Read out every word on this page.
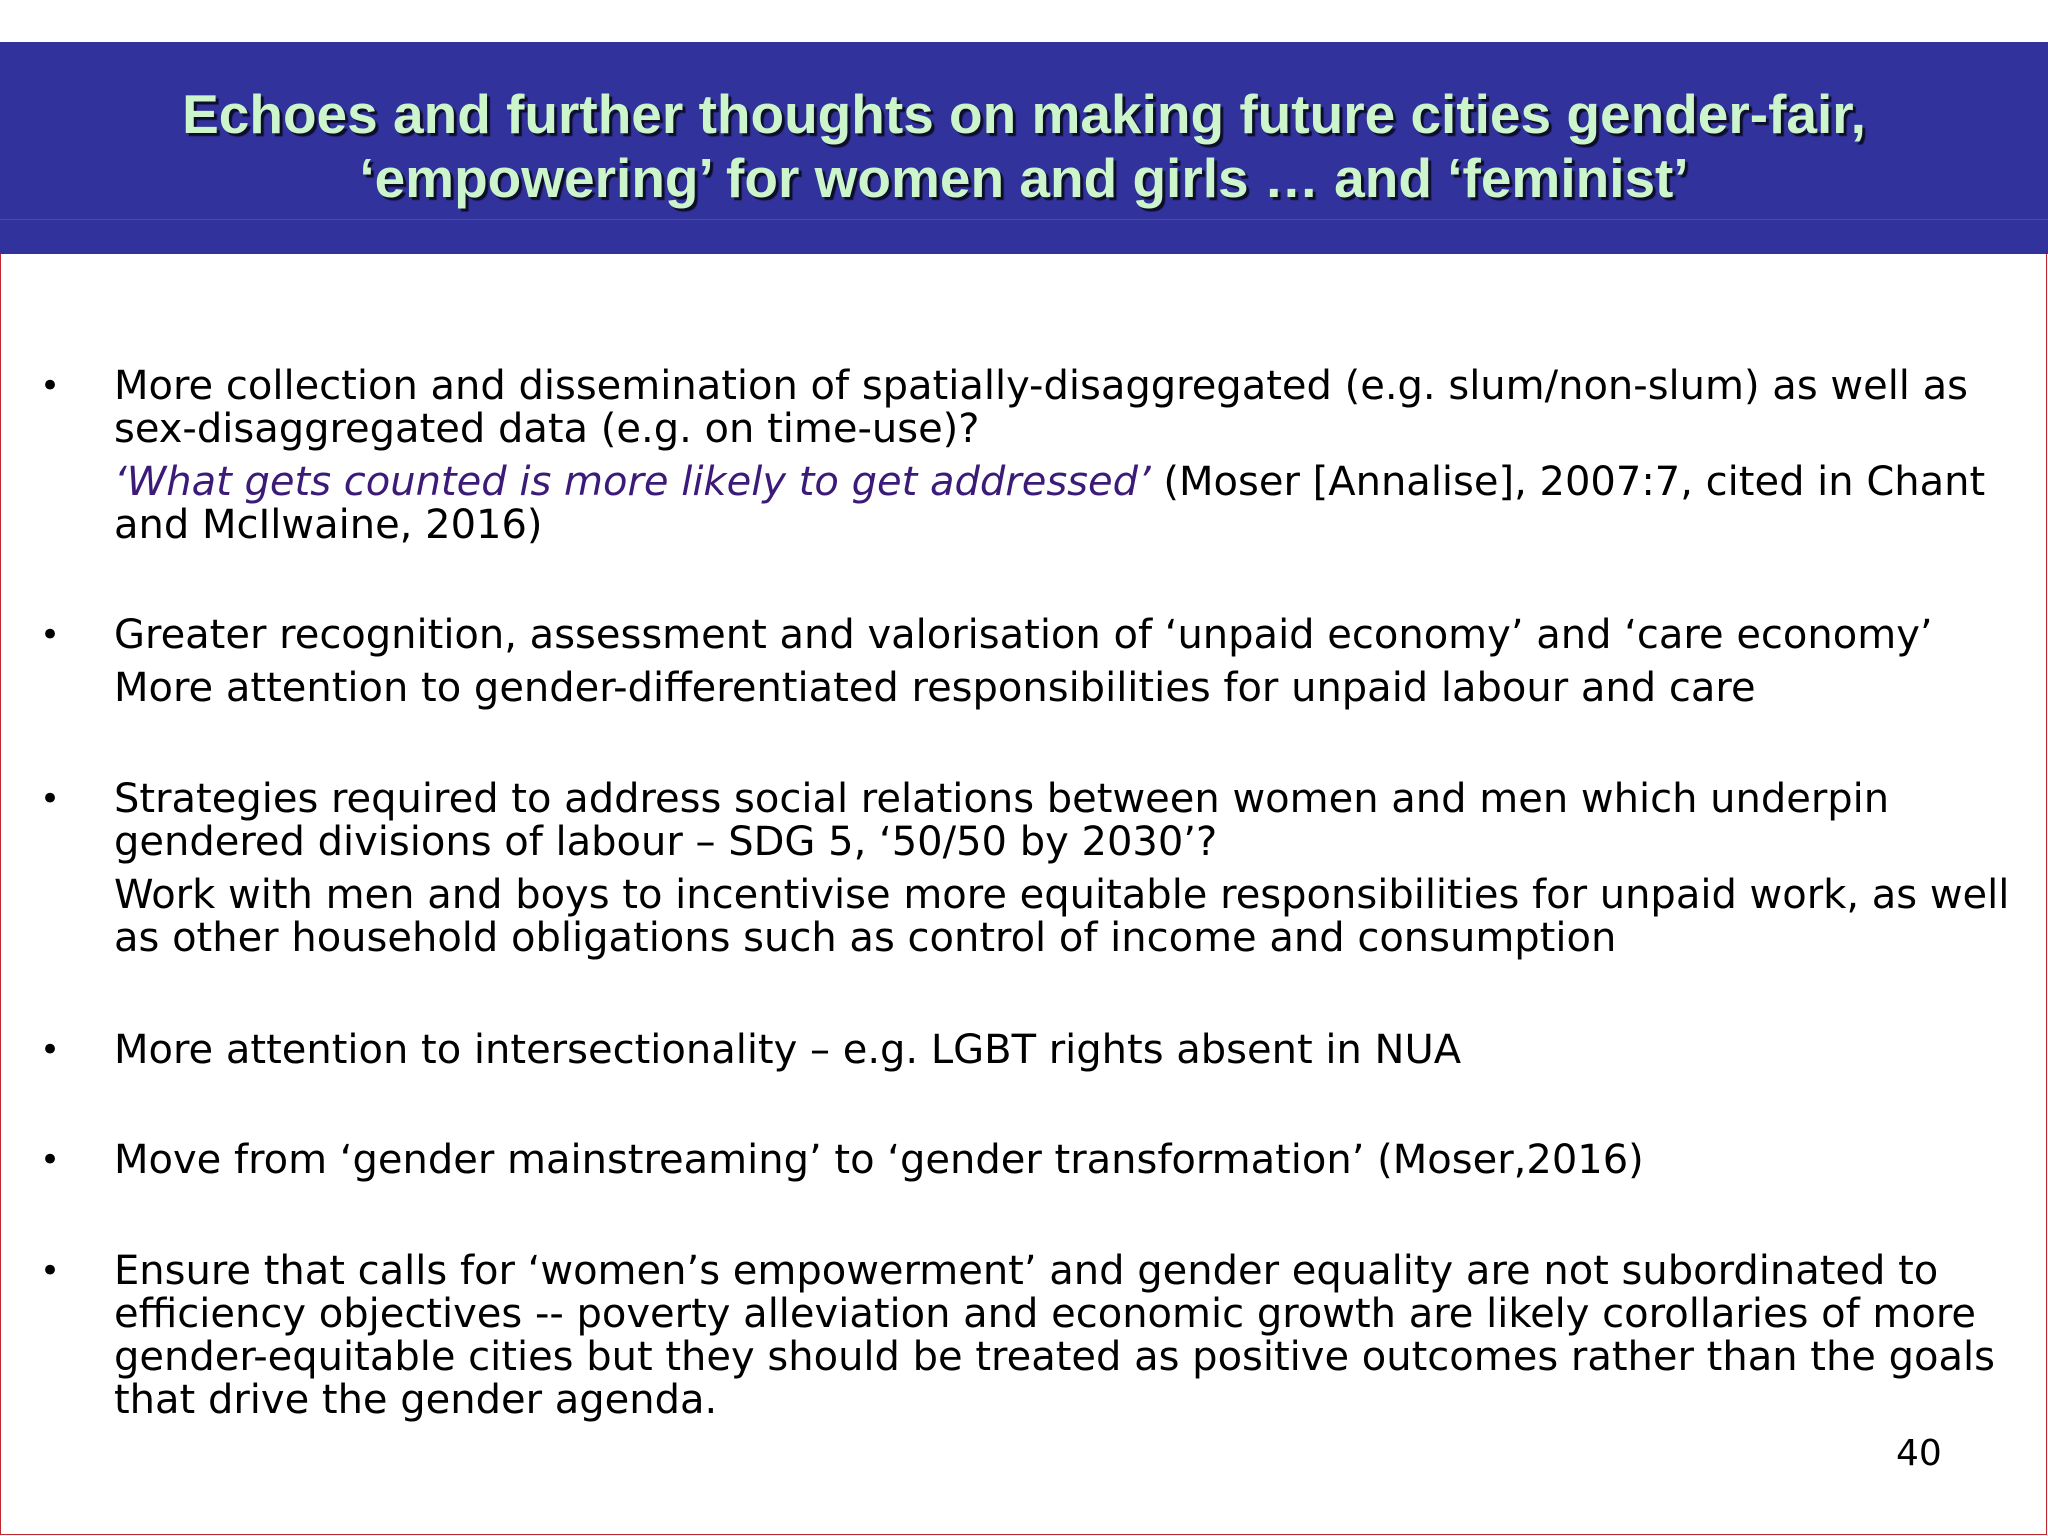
Echoes and further thoughts on making future cities gender-fair,
‘empowering’ for women and girls … and ‘feminist’
• More collection and dissemination of spatially-disaggregated (e.g. slum/non-slum) as well as sex-disaggregated data (e.g. on time-use)?

‘What gets counted is more likely to get addressed’ (Moser [Annalise], 2007:7, cited in Chant and McIlwaine, 2016)

• Greater recognition, assessment and valorisation of ‘unpaid economy’ and ‘care economy’

More attention to gender-differentiated responsibilities for unpaid labour and care

• Strategies required to address social relations between women and men which underpin gendered divisions of labour – SDG 5, ‘50/50 by 2030’?

Work with men and boys to incentivise more equitable responsibilities for unpaid work, as well as other household obligations such as control of income and consumption

• More attention to intersectionality – e.g. LGBT rights absent in NUA

• Move from ‘gender mainstreaming’ to ‘gender transformation’ (Moser,2016)

• Ensure that calls for ‘women’s empowerment’ and gender equality are not subordinated to efficiency objectives -- poverty alleviation and economic growth are likely corollaries of more gender-equitable cities but they should be treated as positive outcomes rather than the goals that drive the gender agenda.

40
